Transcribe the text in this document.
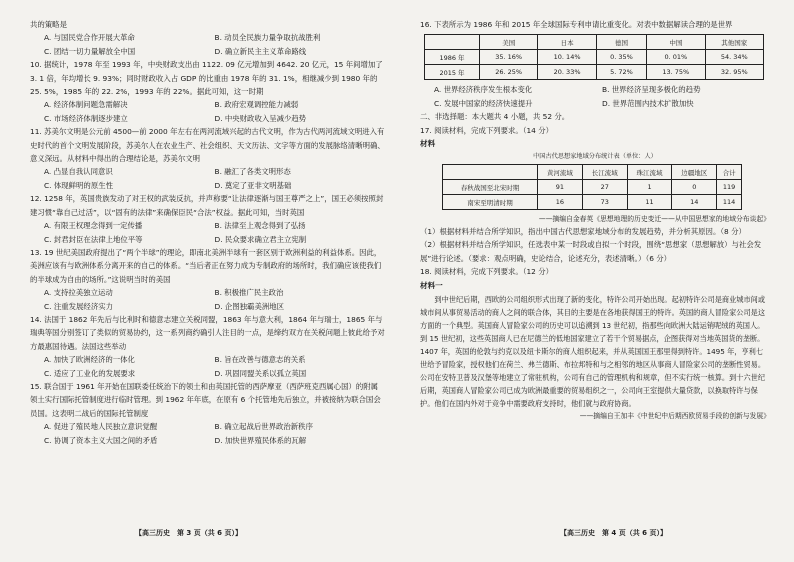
共的策略是

A. 与国民党合作开展大革命	B. 动员全民族力量争取抗战胜利
C. 团结一切力量解放全中国	D. 确立新民主主义革命路线

10. 据统计，1978 年至 1993 年，中央财政支出由 1122. 09 亿元增加到 4642. 20 亿元，15 年间增加了 3. 1 倍，年均增长 9. 93%；同时财政收入占 GDP 的比重由 1978 年的 31. 1%，相继减少到 1980 年的 25. 5%，1985 年的 22. 2%，1993 年的 22%。据此可知，这一时期

A. 经济体制问题急需解决	B. 政府宏观调控能力减弱
C. 市场经济体制逐步建立	D. 中央财政收入呈减少趋势

11. 苏美尔文明是公元前 4500—前 2000 年左右在两河流域兴起的古代文明，作为古代两河流域文明进入有史时代的首个文明发展阶段，苏美尔人在农业生产、社会组织、天文历法、文字等方面的发展脉络清晰明确、意义深远。从材料中得出的合理结论是，苏美尔文明

A. 凸显自我认同意识	B. 融汇了各类文明形态
C. 体现鲜明的原生性	D. 奠定了亚非文明基础

12. 1258 年，英国贵族发动了对王权的武装反抗，并声称要“让法律逐渐与国王尊严之上”，国王必须按照封建习惯“靠自己过活”，以“固有的法律”来确保臣民“合法”权益。据此可知，当时英国

A. 有限王权理念得到一定传播	B. 法律至上观念得到了弘扬
C. 封君封臣在法律上地位平等	D. 民众要求确立君主立宪制

13. 19 世纪美国政府提出了“两个半球”的理论，即南北美洲半球有一套区别于欧洲利益的利益体系。因此，美洲应该有与欧洲体系分离开来的自己的体系。“当后者正在努力成为专制政府的场所时，我们确应该使我们的半球成为自由的场所。”这说明当时的美国

A. 支持拉美独立运动	B. 积极推广民主政治
C. 注重发展经济实力	D. 企图独霸美洲地区

14. 法国于 1862 年先后与比利时和德意志建立关税同盟，1863 年与意大利，1864 年与瑞士，1865 年与瑞典等国分别签订了类似的贸易协约，这一系列商约确引人注目的一点，是缔约双方在关税问题上彼此给予对方最惠国待遇。法国这些举动

A. 加快了欧洲经济的一体化	B. 旨在改善与德意志的关系
C. 适应了工业化的发展要求	D. 巩固同盟关系以孤立英国

15. 联合国于 1961 年开始在国联委任统治下的领土和由英国托管的西萨摩亚（西萨班克西属心国）的附属领土实行国际托管制度进行临时管理。到 1962 年年底，在原有 6 个托管地先后独立，并被接纳为联合国会员国。这表明二战后的国际托管制度

A. 促进了殖民地人民独立意识觉醒	B. 确立起战后世界政治新秩序
C. 协调了资本主义大国之间的矛盾	D. 加快世界殖民体系的瓦解
【高三历史　第 3 页（共 6 页）】

16. 下表所示为 1986 年和 2015 年全球国际专利申请比重变化。对表中数据解读合理的是世界

	美国	日本	德国	中国	其他国家
1986 年	35. 16%	10. 14%	0. 35%	0. 01%	54. 34%
2015 年	26. 25%	20. 33%	5. 72%	13. 75%	32. 95%
A. 世界经济秩序发生根本变化	B. 世界经济呈现多极化的趋势
C. 发展中国家的经济快速提升	D. 世界范围内技术扩散加快

二、非选择题：本大题共 4 小题，共 52 分。

17. 阅读材料，完成下列要求。（14 分）

材料
中国古代思想家地域分布统计表（单位：人）
	黄河流域	长江流域	珠江流域	边疆地区	合计
春秋战国至北宋时期	91	27	1	0	119
南宋至明清时期	16	73	11	14	114
——摘编自金春英《思想地理的历史变迁——从中国思想家的地域分布谈起》

（1）根据材料并结合所学知识，指出中国古代思想家地域分布的发展趋势，并分析其原因。（8 分）

（2）根据材料并结合所学知识，任选表中某一时段或自拟一个时段，围绕“思想家（思想解放）与社会发展”进行论述。（要求：观点明确，史论结合，论述充分，表述清晰。）（6 分）

18. 阅读材料，完成下列要求。（12 分）

材料一

到中世纪后期，西欧的公司组织形式出现了新的变化，特许公司开始出现。起初特许公司是商业城市间或城市间从事贸易活动的商人之间的联合体，其目的主要是在各地获得国王的特许。英国的商人冒险家公司是这方面的一个典型。英国商人冒险家公司的历史可以追溯到 13 世纪初，指那些向欧洲大陆运销呢绒的英国人。到 15 世纪初，这些英国商人已在尼德兰的低地国家建立了若干个贸易据点，企图获得对当地英国货的垄断。1407 年，英国的伦敦与约克以及纽卡斯尔的商人组织起来，并从英国国王那里得到特许。1495 年，亨利七世给予冒险家，授权他们在荷兰、弗兰德斯、布拉邦特和与之相邻的地区从事商人冒险家公司的垄断性贸易。公司在安特卫普及汉堡等地建立了常驻机构，公司有自己的管理机构和规章，但不实行统一核算。到十六世纪后期，英国商人冒险家公司已成为欧洲最重要的贸易组织之一，公司向王室提供大量贷款，以换取特许与保护。他们在国内外对于竞争中需要政府支持时，他们就与政府协商。

——摘编自王加丰《中世纪中后期西欧贸易手段的创新与发展》
【高三历史　第 4 页（共 6 页）】
